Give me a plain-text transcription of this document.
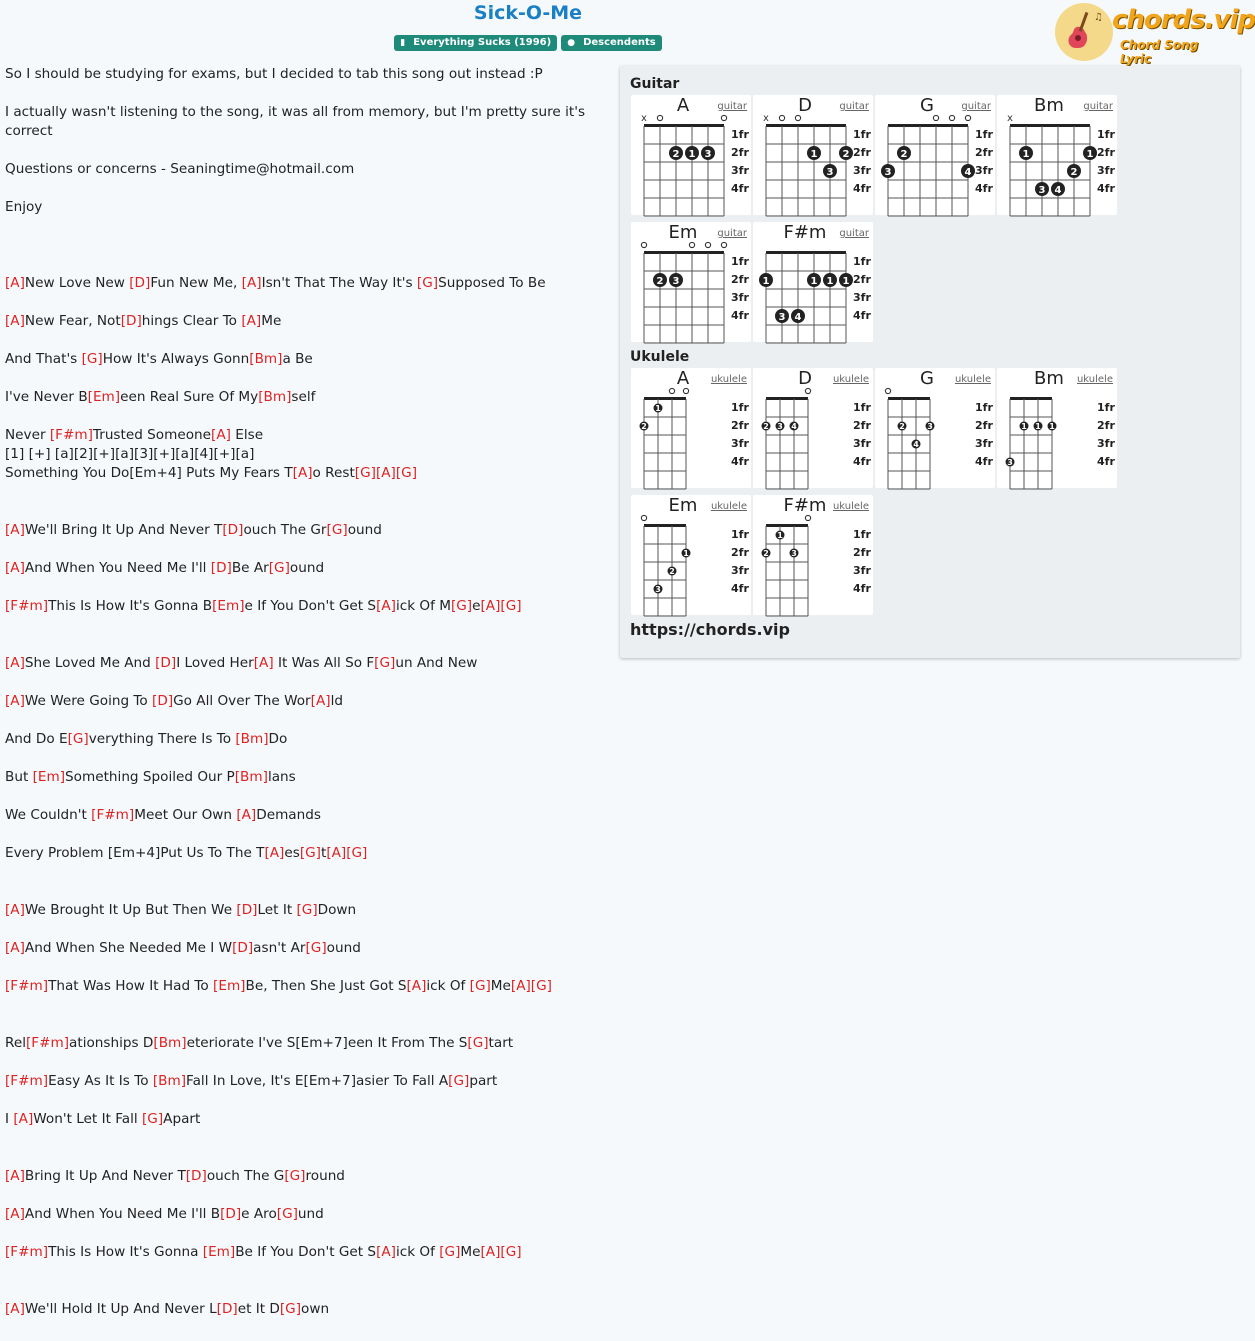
Sick-O-Me
▮ Everything Sucks (1996) ● Descendents
♫ chords.vip
Chord Song Lyric
So I should be studying for exams, but I decided to tab this song out instead :P
I actually wasn't listening to the song, it was all from memory, but I'm pretty sure it's
correct
Questions or concerns - Seaningtime@hotmail.com
Enjoy
[A]New Love New [D]Fun New Me, [A]Isn't That The Way It's [G]Supposed To Be
[A]New Fear, Not[D]hings Clear To [A]Me
And That's [G]How It's Always Gonn[Bm]a Be
I've Never B[Em]een Real Sure Of My[Bm]self
Never [F#m]Trusted Someone[A] Else
[1] [+] [a][2][+][a][3][+][a][4][+][a]
Something You Do[Em+4] Puts My Fears T[A]o Rest[G][A][G]
[A]We'll Bring It Up And Never T[D]ouch The Gr[G]ound
[A]And When You Need Me I'll [D]Be Ar[G]ound
[F#m]This Is How It's Gonna B[Em]e If You Don't Get S[A]ick Of M[G]e[A][G]
[A]She Loved Me And [D]I Loved Her[A] It Was All So F[G]un And New
[A]We Were Going To [D]Go All Over The Wor[A]ld
And Do E[G]verything There Is To [Bm]Do
But [Em]Something Spoiled Our P[Bm]lans
We Couldn't [F#m]Meet Our Own [A]Demands
Every Problem [Em+4]Put Us To The T[A]es[G]t[A][G]
[A]We Brought It Up But Then We [D]Let It [G]Down
[A]And When She Needed Me I W[D]asn't Ar[G]ound
[F#m]That Was How It Had To [Em]Be, Then She Just Got S[A]ick Of [G]Me[A][G]
Rel[F#m]ationships D[Bm]eteriorate I've S[Em+7]een It From The S[G]tart
[F#m]Easy As It Is To [Bm]Fall In Love, It's E[Em+7]asier To Fall A[G]part
I [A]Won't Let It Fall [G]Apart
[A]Bring It Up And Never T[D]ouch The G[G]round
[A]And When You Need Me I'll B[D]e Aro[G]und
[F#m]This Is How It's Gonna [Em]Be If You Don't Get S[A]ick Of [G]Me[A][G]
[A]We'll Hold It Up And Never L[D]et It D[G]own
Guitar
A	guitar
x
2 1 3
1fr
2fr
3fr
4fr
D	guitar
x
1
3
2
1fr
2fr
3fr
4fr
G	guitar
3
2
4
1fr
2fr
3fr
4fr
Bm	guitar
x
1
3 4
2
1
1fr
2fr
3fr
4fr
Em	guitar
2 3
1fr
2fr
3fr
4fr
F#m	guitar
1
3 4
1 1 1
1fr
2fr
3fr
4fr
Ukulele
A	ukulele
2
1	1fr
2fr
3fr
4fr
D	ukulele
2 3 4
1fr
2fr
3fr
4fr
G	ukulele
2
4
3
1fr
2fr
3fr
4fr
Bm	ukulele
3
1 1 1
1fr
2fr
3fr
4fr
Em	ukulele
3
2
1
1fr
2fr
3fr
4fr
F#m ukulele
2
1
3
1fr
2fr
3fr
4fr
https://chords.vip
